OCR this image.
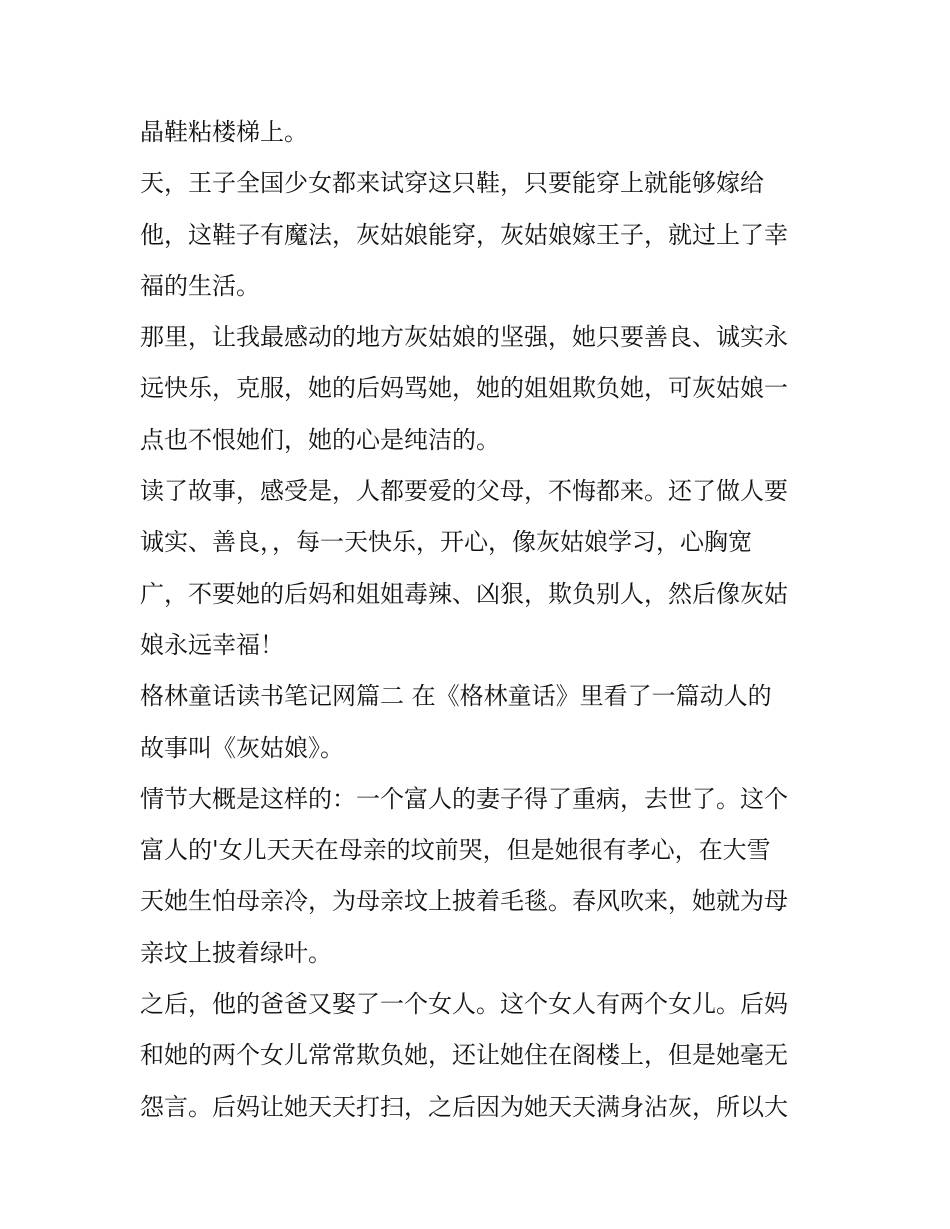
晶鞋粘楼梯上。

天，王子全国少女都来试穿这只鞋，只要能穿上就能够嫁给
他，这鞋子有魔法，灰姑娘能穿，灰姑娘嫁王子，就过上了幸
福的生活。

那里，让我最感动的地方灰姑娘的坚强，她只要善良、诚实永
远快乐，克服，她的后妈骂她，她的姐姐欺负她，可灰姑娘一
点也不恨她们，她的心是纯洁的。

读了故事，感受是，人都要爱的父母，不悔都来。还了做人要
诚实、善良，，每一天快乐，开心，像灰姑娘学习，心胸宽
广，不要她的后妈和姐姐毒辣、凶狠，欺负别人，然后像灰姑
娘永远幸福！

格林童话读书笔记网篇二 在《格林童话》里看了一篇动人的
故事叫《灰姑娘》。

情节大概是这样的：一个富人的妻子得了重病，去世了。这个
富人的'女儿天天在母亲的坟前哭，但是她很有孝心，在大雪
天她生怕母亲冷，为母亲坟上披着毛毯。春风吹来，她就为母
亲坟上披着绿叶。

之后，他的爸爸又娶了一个女人。这个女人有两个女儿。后妈
和她的两个女儿常常欺负她，还让她住在阁楼上，但是她毫无
怨言。后妈让她天天打扫，之后因为她天天满身沾灰，所以大
